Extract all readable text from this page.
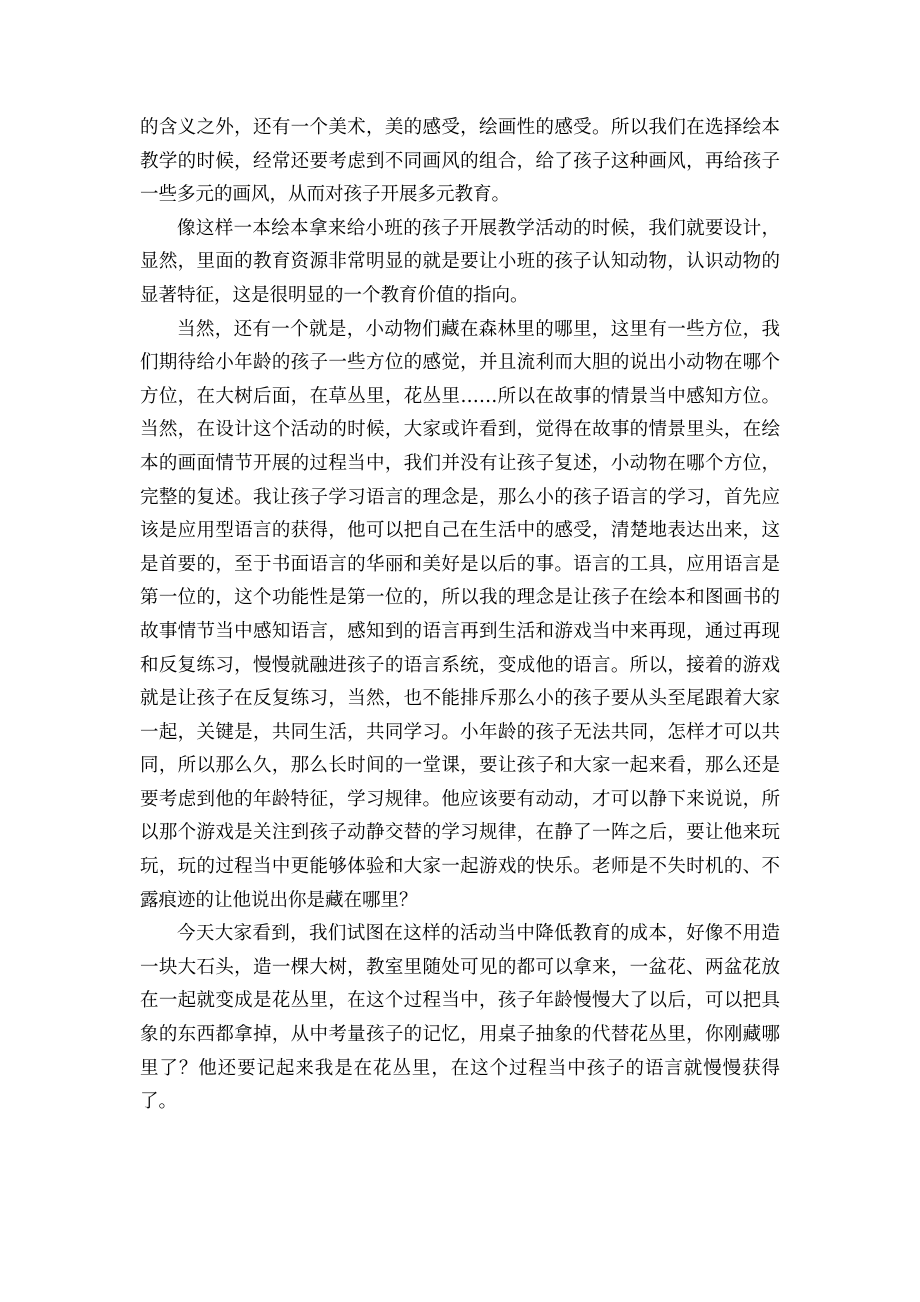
的含义之外，还有一个美术，美的感受，绘画性的感受。所以我们在选择绘本教学的时候，经常还要考虑到不同画风的组合，给了孩子这种画风，再给孩子一些多元的画风，从而对孩子开展多元教育。

像这样一本绘本拿来给小班的孩子开展教学活动的时候，我们就要设计，显然，里面的教育资源非常明显的就是要让小班的孩子认知动物，认识动物的显著特征，这是很明显的一个教育价值的指向。

当然，还有一个就是，小动物们藏在森林里的哪里，这里有一些方位，我们期待给小年龄的孩子一些方位的感觉，并且流利而大胆的说出小动物在哪个方位，在大树后面，在草丛里，花丛里……所以在故事的情景当中感知方位。当然，在设计这个活动的时候，大家或许看到，觉得在故事的情景里头，在绘本的画面情节开展的过程当中，我们并没有让孩子复述，小动物在哪个方位，完整的复述。我让孩子学习语言的理念是，那么小的孩子语言的学习，首先应该是应用型语言的获得，他可以把自己在生活中的感受，清楚地表达出来，这是首要的，至于书面语言的华丽和美好是以后的事。语言的工具，应用语言是第一位的，这个功能性是第一位的，所以我的理念是让孩子在绘本和图画书的故事情节当中感知语言，感知到的语言再到生活和游戏当中来再现，通过再现和反复练习，慢慢就融进孩子的语言系统，变成他的语言。所以，接着的游戏就是让孩子在反复练习，当然，也不能排斥那么小的孩子要从头至尾跟着大家一起，关键是，共同生活，共同学习。小年龄的孩子无法共同，怎样才可以共同，所以那么久，那么长时间的一堂课，要让孩子和大家一起来看，那么还是要考虑到他的年龄特征，学习规律。他应该要有动动，才可以静下来说说，所以那个游戏是关注到孩子动静交替的学习规律，在静了一阵之后，要让他来玩玩，玩的过程当中更能够体验和大家一起游戏的快乐。老师是不失时机的、不露痕迹的让他说出你是藏在哪里？

今天大家看到，我们试图在这样的活动当中降低教育的成本，好像不用造一块大石头，造一棵大树，教室里随处可见的都可以拿来，一盆花、两盆花放在一起就变成是花丛里，在这个过程当中，孩子年龄慢慢大了以后，可以把具象的东西都拿掉，从中考量孩子的记忆，用桌子抽象的代替花丛里，你刚藏哪里了？他还要记起来我是在花丛里，在这个过程当中孩子的语言就慢慢获得了。
